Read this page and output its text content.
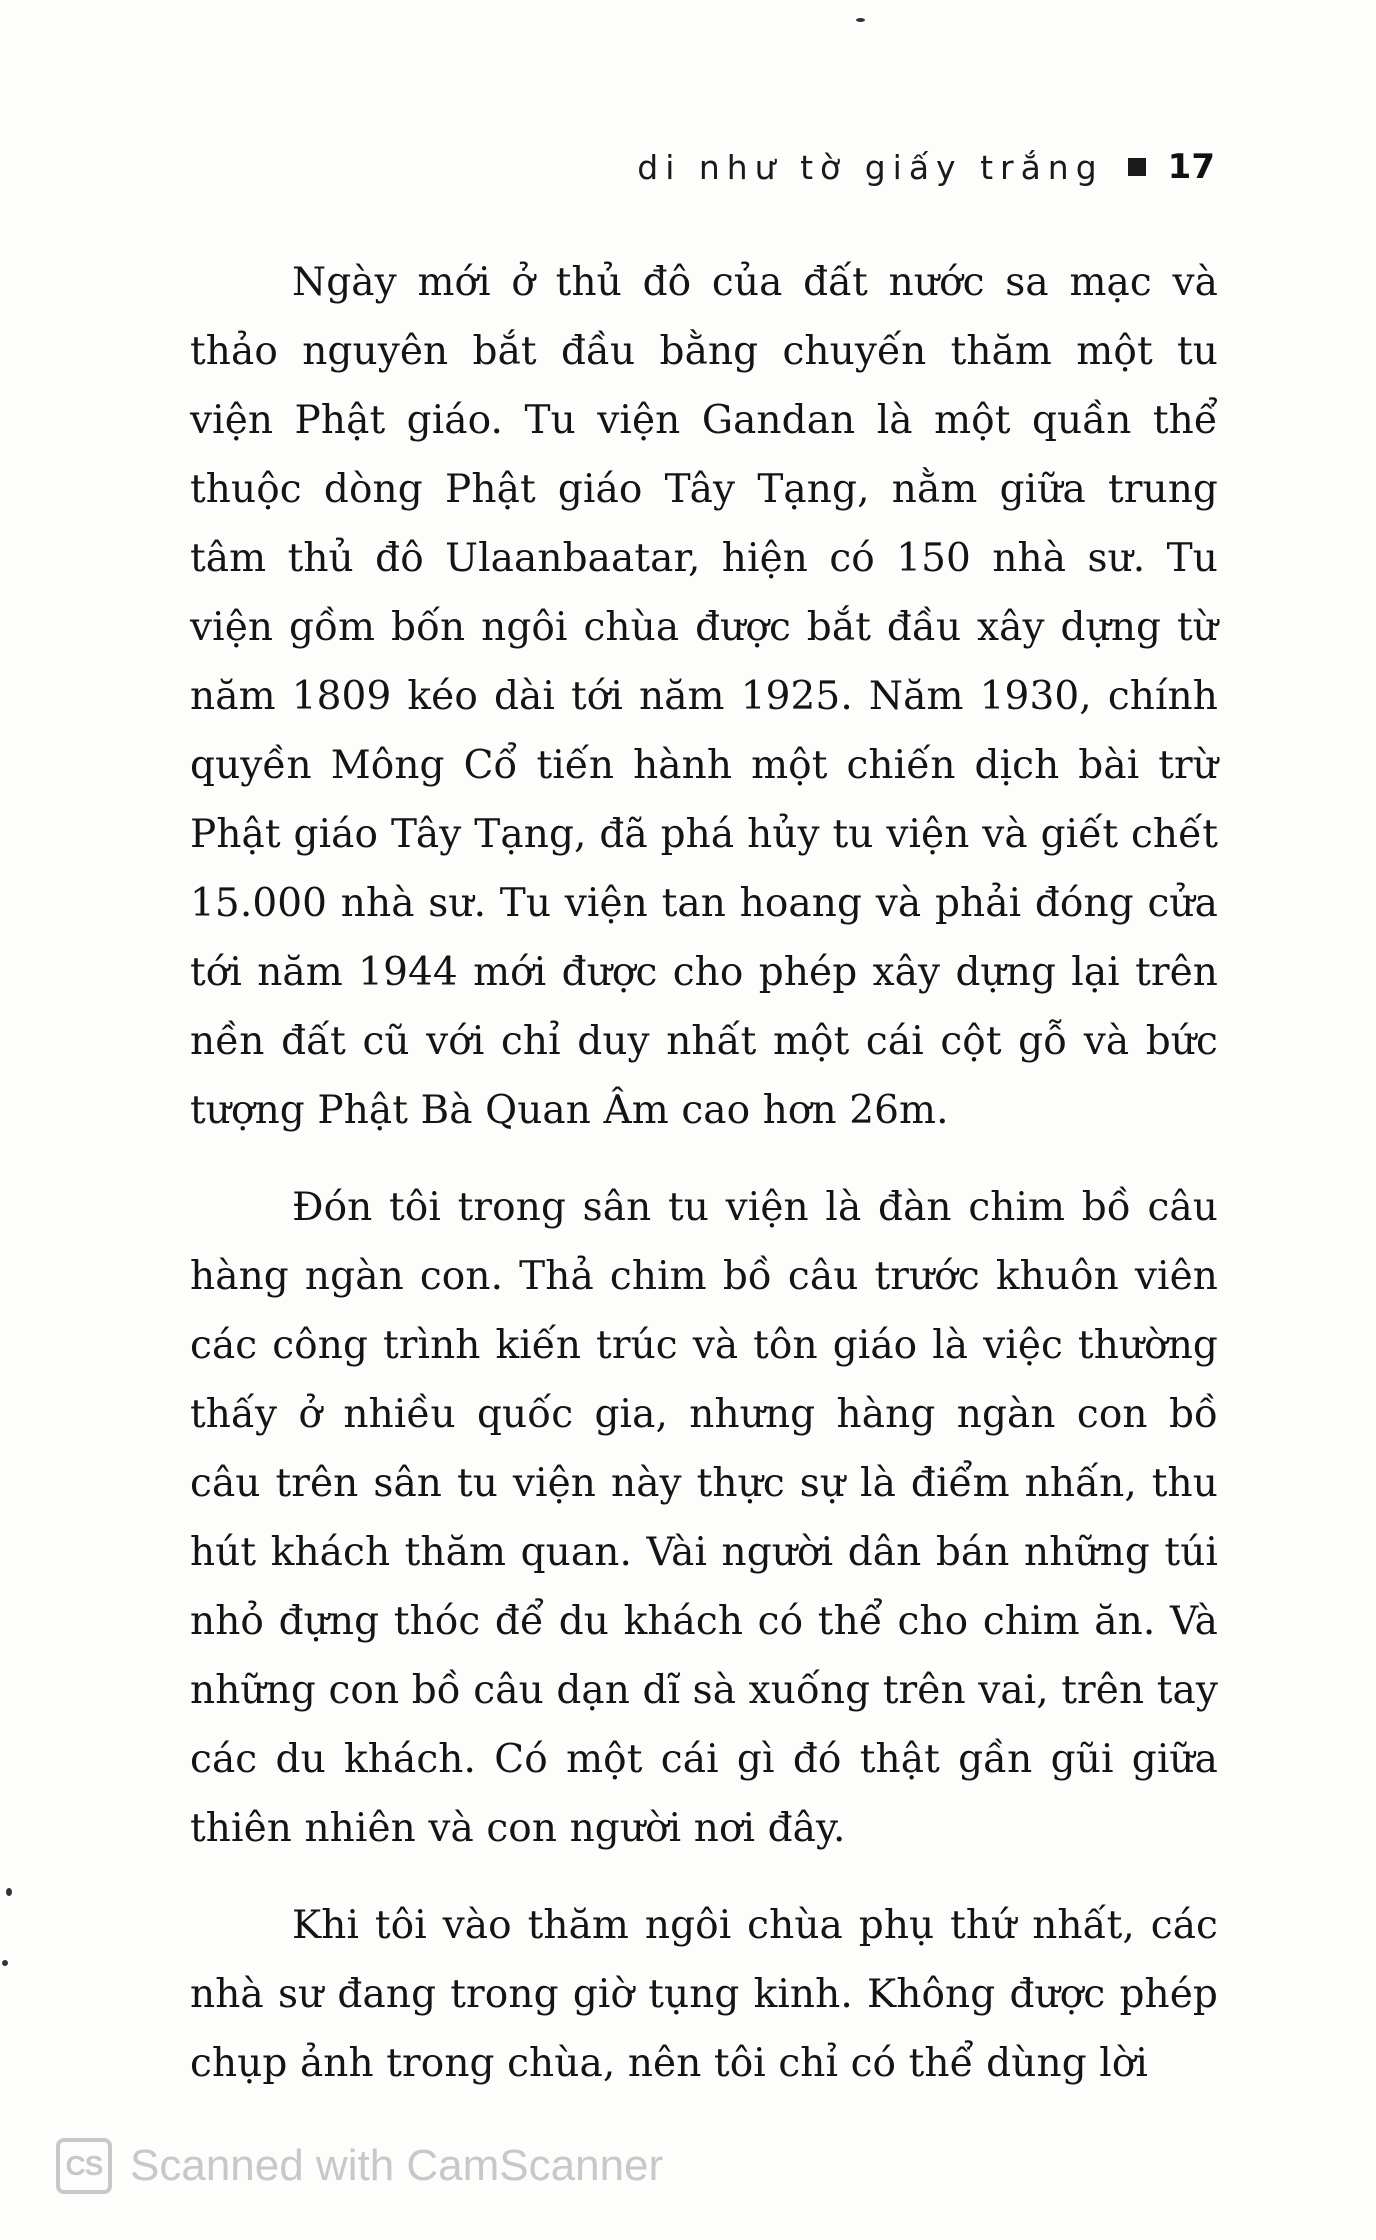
di như tờ giấy trắng 17

Ngày mới ở thủ đô của đất nước sa mạc và thảo nguyên bắt đầu bằng chuyến thăm một tu viện Phật giáo. Tu viện Gandan là một quần thể thuộc dòng Phật giáo Tây Tạng, nằm giữa trung tâm thủ đô Ulaanbaatar, hiện có 150 nhà sư. Tu viện gồm bốn ngôi chùa được bắt đầu xây dựng từ năm 1809 kéo dài tới năm 1925. Năm 1930, chính quyền Mông Cổ tiến hành một chiến dịch bài trừ Phật giáo Tây Tạng, đã phá hủy tu viện và giết chết 15.000 nhà sư. Tu viện tan hoang và phải đóng cửa tới năm 1944 mới được cho phép xây dựng lại trên nền đất cũ với chỉ duy nhất một cái cột gỗ và bức tượng Phật Bà Quan Âm cao hơn 26m.

Đón tôi trong sân tu viện là đàn chim bồ câu hàng ngàn con. Thả chim bồ câu trước khuôn viên các công trình kiến trúc và tôn giáo là việc thường thấy ở nhiều quốc gia, nhưng hàng ngàn con bồ câu trên sân tu viện này thực sự là điểm nhấn, thu hút khách thăm quan. Vài người dân bán những túi nhỏ đựng thóc để du khách có thể cho chim ăn. Và những con bồ câu dạn dĩ sà xuống trên vai, trên tay các du khách. Có một cái gì đó thật gần gũi giữa thiên nhiên và con người nơi đây.

Khi tôi vào thăm ngôi chùa phụ thứ nhất, các nhà sư đang trong giờ tụng kinh. Không được phép chụp ảnh trong chùa, nên tôi chỉ có thể dùng lời

CS Scanned with CamScanner
